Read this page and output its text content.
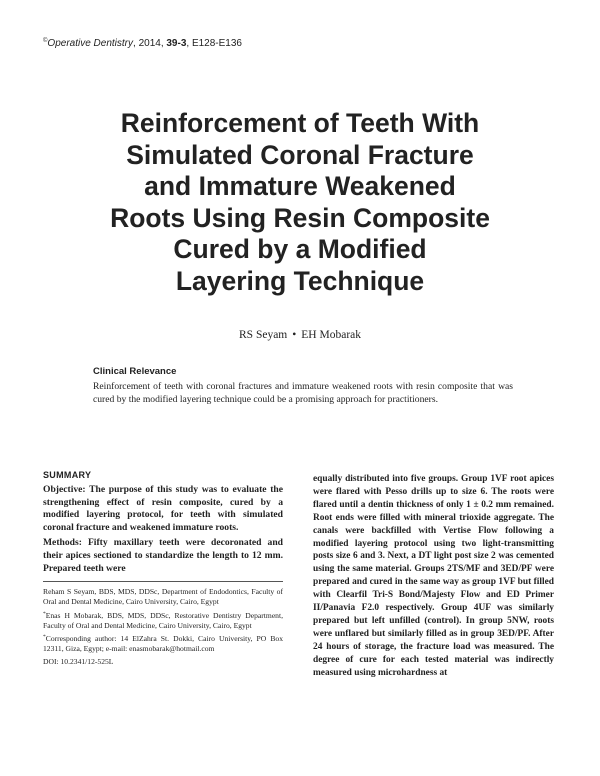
©Operative Dentistry, 2014, 39-3, E128-E136
Reinforcement of Teeth With
Simulated Coronal Fracture
and Immature Weakened
Roots Using Resin Composite
Cured by a Modified
Layering Technique
RS Seyam • EH Mobarak
Clinical Relevance
Reinforcement of teeth with coronal fractures and immature weakened roots with resin composite that was cured by the modified layering technique could be a promising approach for practitioners.
SUMMARY

Objective: The purpose of this study was to evaluate the strengthening effect of resin composite, cured by a modified layering protocol, for teeth with simulated coronal fracture and weakened immature roots.

Methods: Fifty maxillary teeth were decoronated and their apices sectioned to standardize the length to 12 mm. Prepared teeth were

Reham S Seyam, BDS, MDS, DDSc, Department of Endodontics, Faculty of Oral and Dental Medicine, Cairo University, Cairo, Egypt

*Enas H Mobarak, BDS, MDS, DDSc, Restorative Dentistry Department, Faculty of Oral and Dental Medicine, Cairo University, Cairo, Egypt

*Corresponding author: 14 ElZahra St. Dokki, Cairo University, PO Box 12311, Giza, Egypt; e-mail: enasmobarak@hotmail.com

DOI: 10.2341/12-525L
equally distributed into five groups. Group 1VF root apices were flared with Pesso drills up to size 6. The roots were flared until a dentin thickness of only 1 ± 0.2 mm remained. Root ends were filled with mineral trioxide aggregate. The canals were backfilled with Vertise Flow following a modified layering protocol using two light-transmitting posts size 6 and 3. Next, a DT light post size 2 was cemented using the same material. Groups 2TS/MF and 3ED/PF were prepared and cured in the same way as group 1VF but filled with Clearfil Tri-S Bond/Majesty Flow and ED Primer II/Panavia F2.0 respectively. Group 4UF was similarly prepared but left unfilled (control). In group 5NW, roots were unflared but similarly filled as in group 3ED/PF. After 24 hours of storage, the fracture load was measured. The degree of cure for each tested material was indirectly measured using microhardness at
